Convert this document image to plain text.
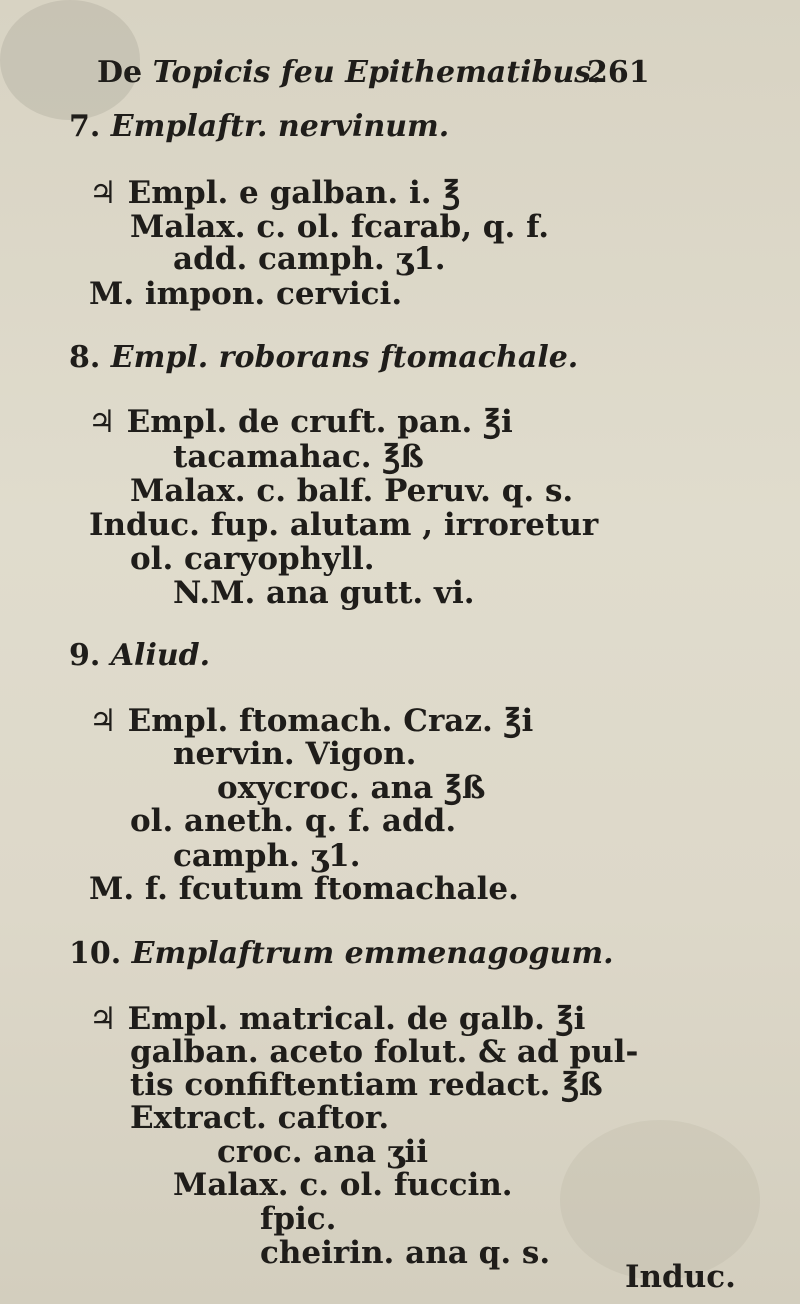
De Topicis feu Epithematibus.
261
7. Emplaftr. nervinum.
♃ Empl. e galban. i. ℥
Malax. c. ol. fcarab, q. f.
add. camph. ʒ1.
M. impon. cervici.
8. Empl. roborans ftomachale.
♃ Empl. de cruft. pan. ℥i
tacamahac. ℥ß
Malax. c. balf. Peruv. q. s.
Induc. fup. alutam , irroretur
ol. caryophyll.
N.M. ana gutt. vi.
9. Aliud.
♃ Empl. ftomach. Craz. ℥i
nervin. Vigon.
oxycroc. ana ℥ß
ol. aneth. q. f. add.
camph. ʒ1.
M. f. fcutum ftomachale.
10. Emplaftrum emmenagogum.
♃ Empl. matrical. de galb. ℥i
galban. aceto folut. & ad pul-
tis confiftentiam redact. ℥ß
Extract. caftor.
croc. ana ʒii
Malax. c. ol. fuccin.
fpic.
cheirin. ana q. s.
Induc.
